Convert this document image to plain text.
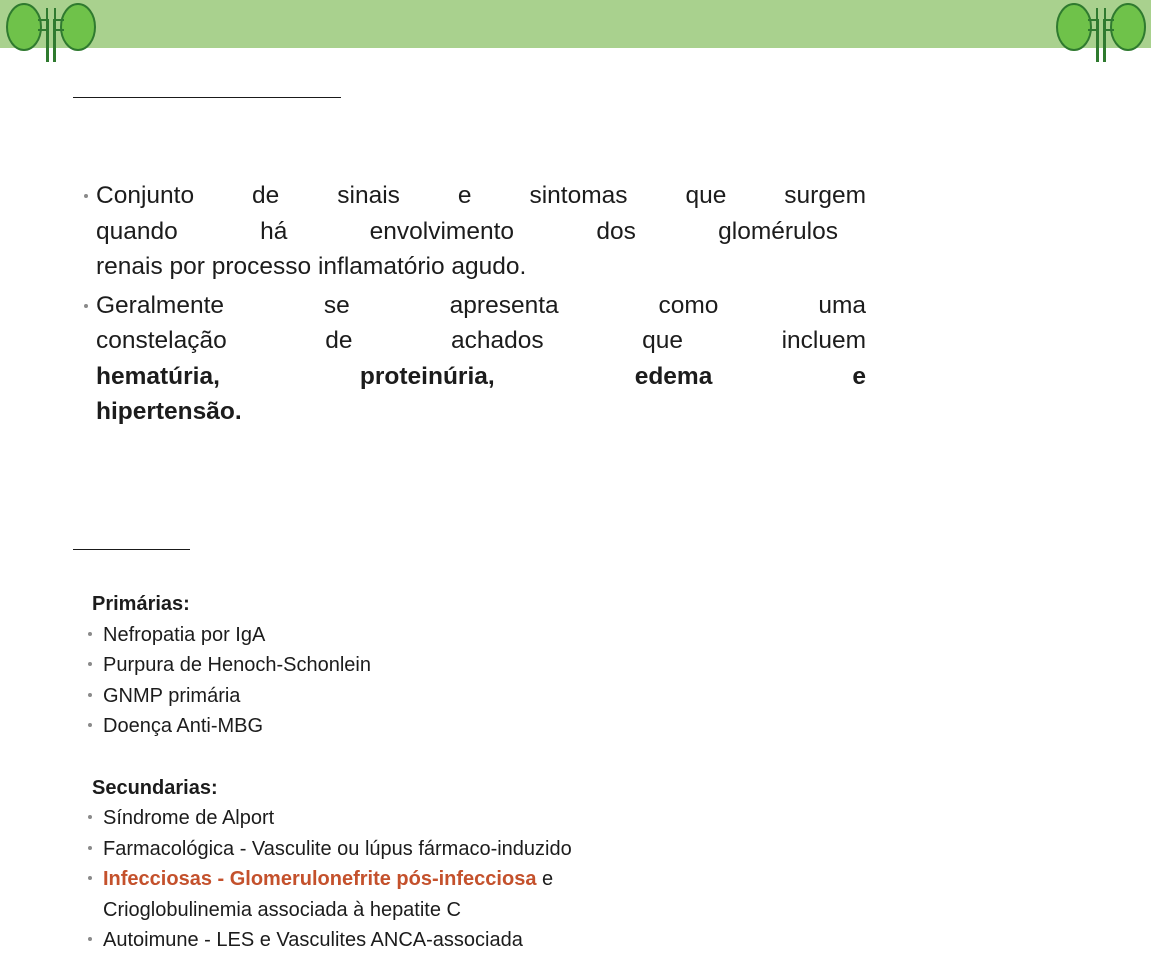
Conjunto de sinais e sintomas que surgem
quando	há	envolvimento	dos	glomérulos
renais por processo inflamatório agudo.
Geralmente	se	apresenta	como	uma
constelação	de	achados	que	incluem
hematúria,	proteinúria,	edema	e
hipertensão.
Primárias:
Nefropatia por IgA
Purpura de Henoch-Schonlein
GNMP primária
Doença Anti-MBG
Secundarias:
Síndrome de Alport
Farmacológica - Vasculite ou lúpus fármaco-induzido
Infecciosas - Glomerulonefrite pós-infecciosa e
Crioglobulinemia associada à hepatite C
Autoimune - LES e Vasculites ANCA-associada
